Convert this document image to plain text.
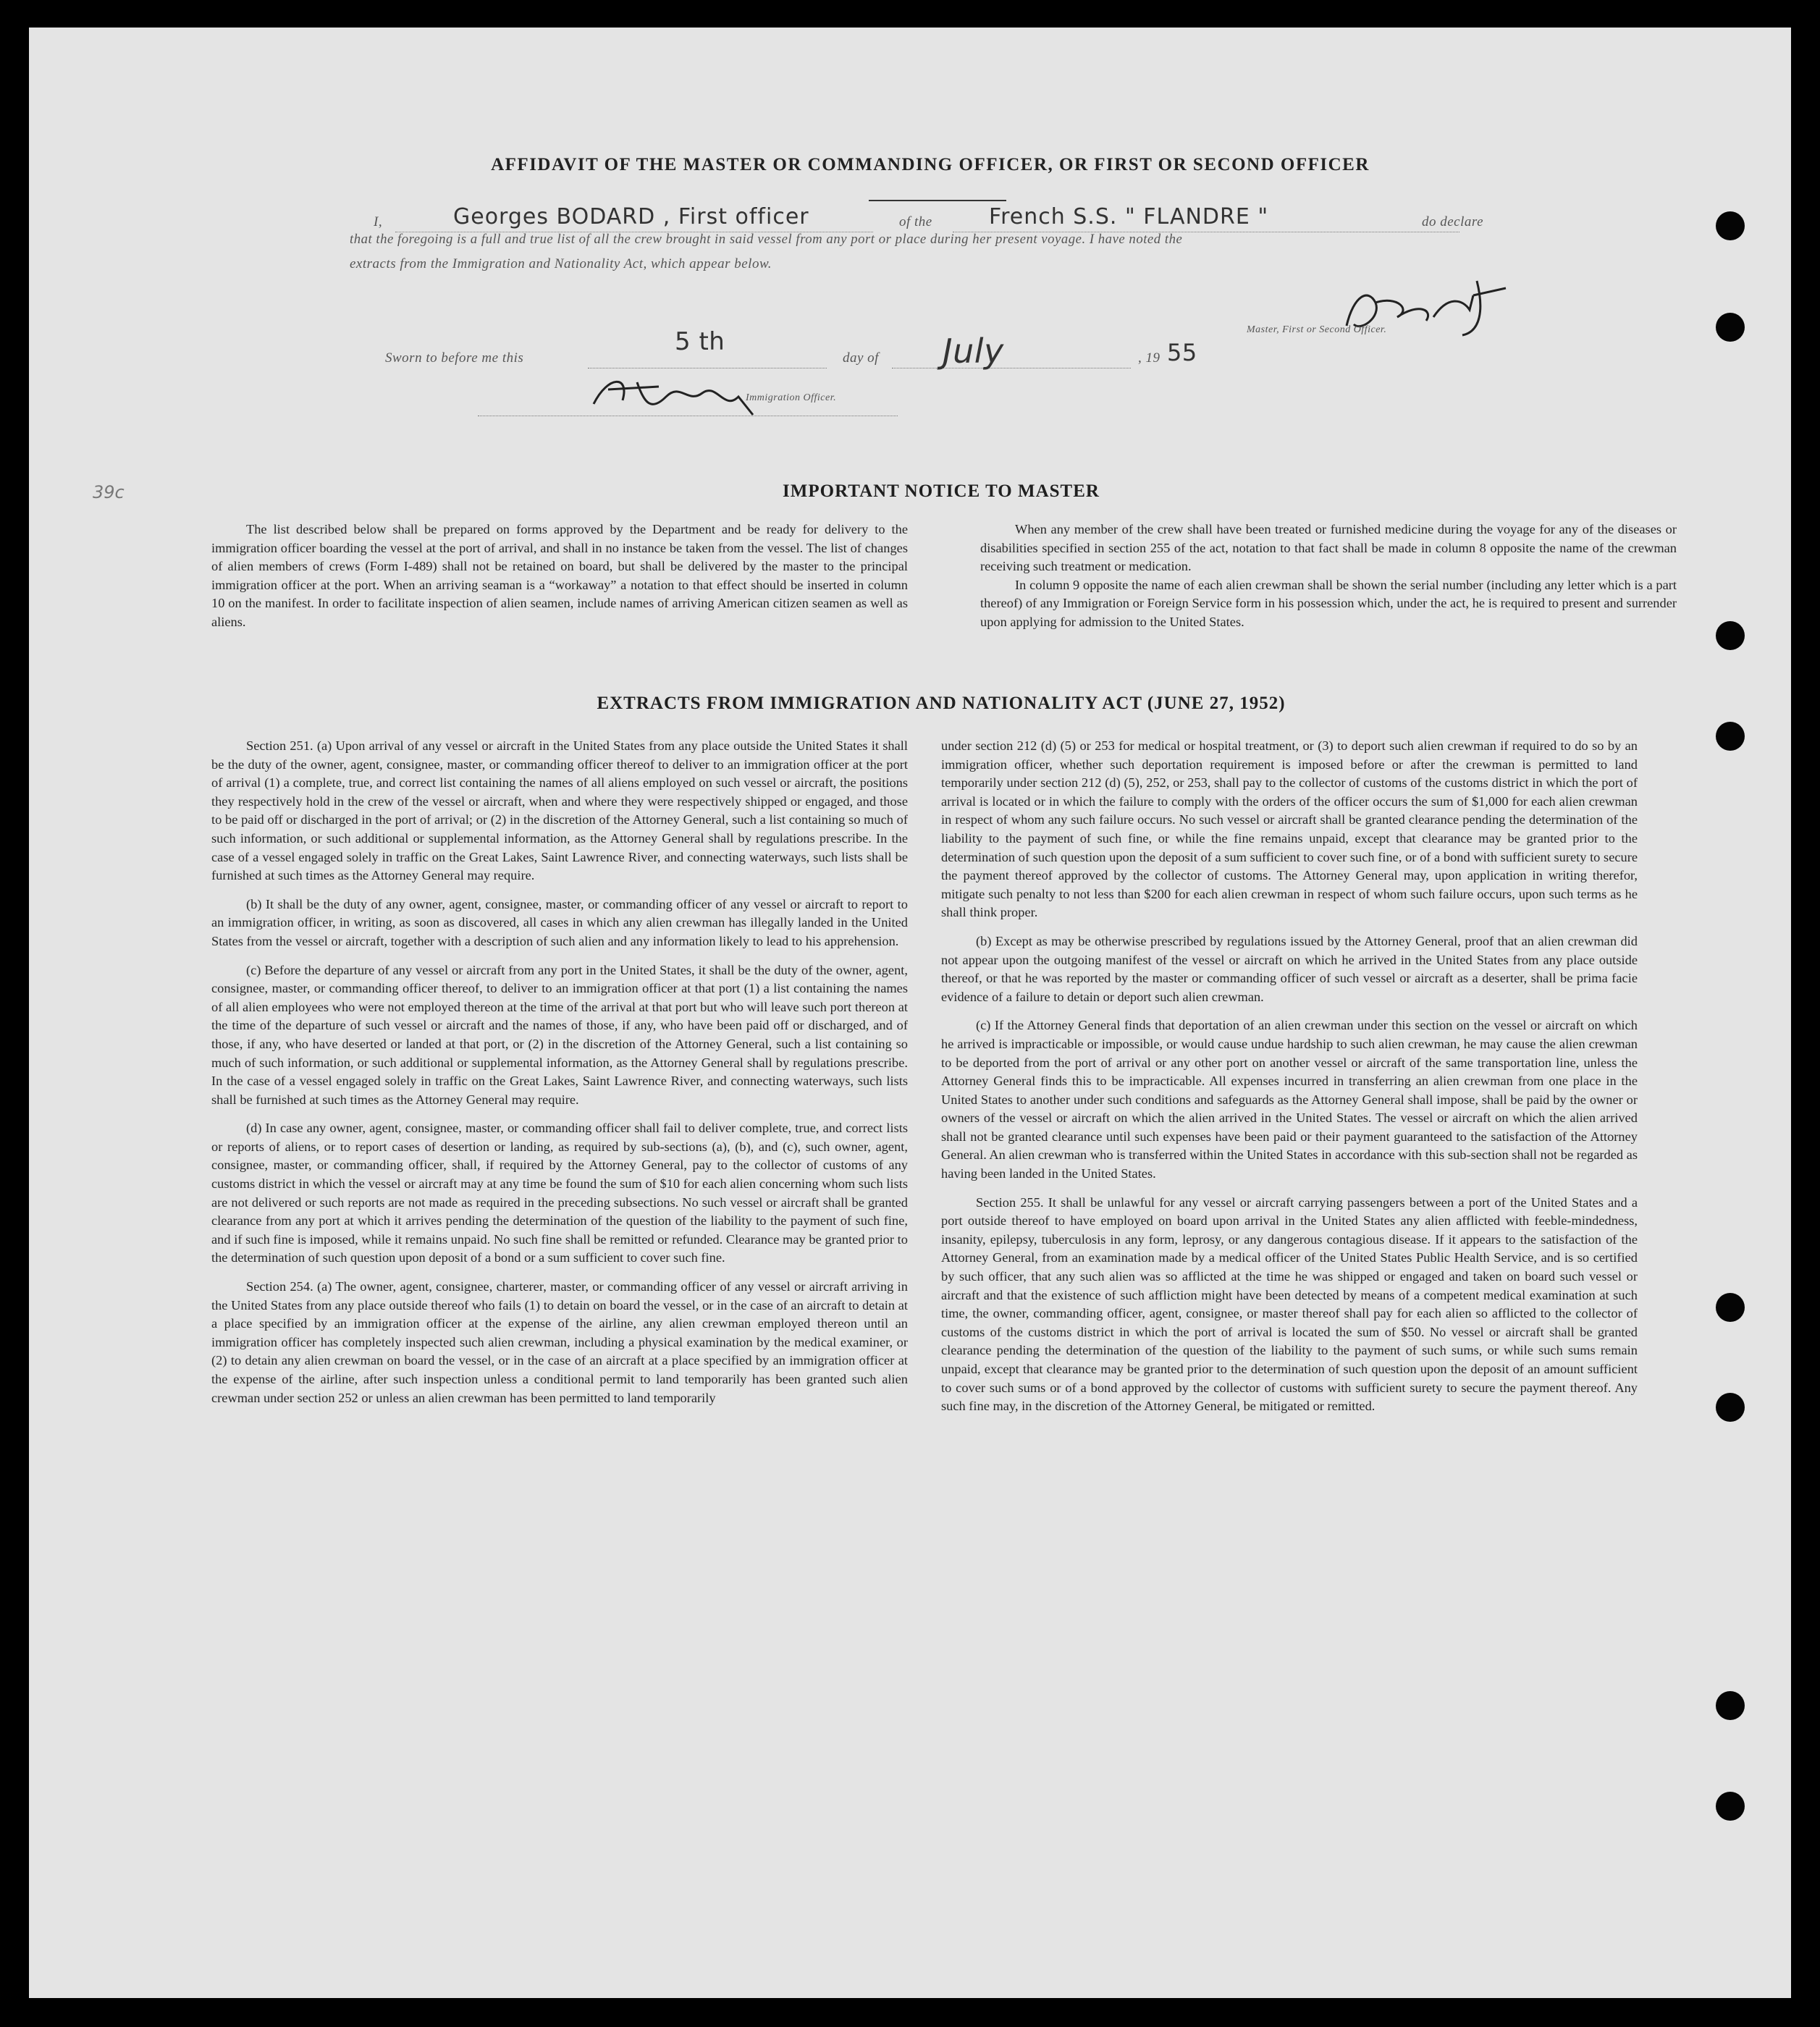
AFFIDAVIT OF THE MASTER OR COMMANDING OFFICER, OR FIRST OR SECOND OFFICER
I,	Georges BODARD , First officer	of the	French S.S. " FLANDRE "	do declare
that the foregoing is a full and true list of all the crew brought in said vessel from any port or place during her present voyage. I have noted the
extracts from the Immigration and Nationality Act, which appear below.
Sworn to before me this
5 th
day of July	, 19 55
Master, First or Second Officer.
Immigration Officer.
39c	IMPORTANT NOTICE TO MASTER

The list described below shall be prepared on forms approved by the Department and be ready for delivery to the immigration officer boarding the vessel at the port of arrival, and shall in no instance be taken from the vessel. The list of changes of alien members of crews (Form I-489) shall not be retained on board, but shall be delivered by the master to the principal immigration officer at the port. When an arriving seaman is a “workaway” a notation to that effect should be inserted in column 10 on the manifest. In order to facilitate inspection of alien seamen, include names of arriving American citizen seamen as well as aliens.

When any member of the crew shall have been treated or furnished medicine during the voyage for any of the diseases or disabilities specified in section 255 of the act, notation to that fact shall be made in column 8 opposite the name of the crewman receiving such treatment or medication.

In column 9 opposite the name of each alien crewman shall be shown the serial number (including any letter which is a part thereof) of any Immigration or Foreign Service form in his possession which, under the act, he is required to present and surrender upon applying for admission to the United States.

EXTRACTS FROM IMMIGRATION AND NATIONALITY ACT (JUNE 27, 1952)

Section 251. (a) Upon arrival of any vessel or aircraft in the United States from any place outside the United States it shall be the duty of the owner, agent, consignee, master, or commanding officer thereof to deliver to an immigration officer at the port of arrival (1) a complete, true, and correct list containing the names of all aliens employed on such vessel or aircraft, the positions they respectively hold in the crew of the vessel or aircraft, when and where they were respectively shipped or engaged, and those to be paid off or discharged in the port of arrival; or (2) in the discretion of the Attorney General, such a list containing so much of such information, or such additional or supplemental information, as the Attorney General shall by regulations prescribe. In the case of a vessel engaged solely in traffic on the Great Lakes, Saint Lawrence River, and connecting waterways, such lists shall be furnished at such times as the Attorney General may require.

(b) It shall be the duty of any owner, agent, consignee, master, or commanding officer of any vessel or aircraft to report to an immigration officer, in writing, as soon as discovered, all cases in which any alien crewman has illegally landed in the United States from the vessel or aircraft, together with a description of such alien and any information likely to lead to his apprehension.

(c) Before the departure of any vessel or aircraft from any port in the United States, it shall be the duty of the owner, agent, consignee, master, or commanding officer thereof, to deliver to an immigration officer at that port (1) a list containing the names of all alien employees who were not employed thereon at the time of the arrival at that port but who will leave such port thereon at the time of the departure of such vessel or aircraft and the names of those, if any, who have been paid off or discharged, and of those, if any, who have deserted or landed at that port, or (2) in the discretion of the Attorney General, such a list containing so much of such information, or such additional or supplemental information, as the Attorney General shall by regulations prescribe. In the case of a vessel engaged solely in traffic on the Great Lakes, Saint Lawrence River, and connecting waterways, such lists shall be furnished at such times as the Attorney General may require.

(d) In case any owner, agent, consignee, master, or commanding officer shall fail to deliver complete, true, and correct lists or reports of aliens, or to report cases of desertion or landing, as required by sub-sections (a), (b), and (c), such owner, agent, consignee, master, or commanding officer, shall, if required by the Attorney General, pay to the collector of customs of any customs district in which the vessel or aircraft may at any time be found the sum of $10 for each alien concerning whom such lists are not delivered or such reports are not made as required in the preceding subsections. No such vessel or aircraft shall be granted clearance from any port at which it arrives pending the determination of the question of the liability to the payment of such fine, and if such fine is imposed, while it remains unpaid. No such fine shall be remitted or refunded. Clearance may be granted prior to the determination of such question upon deposit of a bond or a sum sufficient to cover such fine.

Section 254. (a) The owner, agent, consignee, charterer, master, or commanding officer of any vessel or aircraft arriving in the United States from any place outside thereof who fails (1) to detain on board the vessel, or in the case of an aircraft to detain at a place specified by an immigration officer at the expense of the airline, any alien crewman employed thereon until an immigration officer has completely inspected such alien crewman, including a physical examination by the medical examiner, or (2) to detain any alien crewman on board the vessel, or in the case of an aircraft at a place specified by an immigration officer at the expense of the airline, after such inspection unless a conditional permit to land temporarily has been granted such alien crewman under section 252 or unless an alien crewman has been permitted to land temporarily

under section 212 (d) (5) or 253 for medical or hospital treatment, or (3) to deport such alien crewman if required to do so by an immigration officer, whether such deportation requirement is imposed before or after the crewman is permitted to land temporarily under section 212 (d) (5), 252, or 253, shall pay to the collector of customs of the customs district in which the port of arrival is located or in which the failure to comply with the orders of the officer occurs the sum of $1,000 for each alien crewman in respect of whom any such failure occurs. No such vessel or aircraft shall be granted clearance pending the determination of the liability to the payment of such fine, or while the fine remains unpaid, except that clearance may be granted prior to the determination of such question upon the deposit of a sum sufficient to cover such fine, or of a bond with sufficient surety to secure the payment thereof approved by the collector of customs. The Attorney General may, upon application in writing therefor, mitigate such penalty to not less than $200 for each alien crewman in respect of whom such failure occurs, upon such terms as he shall think proper.

(b) Except as may be otherwise prescribed by regulations issued by the Attorney General, proof that an alien crewman did not appear upon the outgoing manifest of the vessel or aircraft on which he arrived in the United States from any place outside thereof, or that he was reported by the master or commanding officer of such vessel or aircraft as a deserter, shall be prima facie evidence of a failure to detain or deport such alien crewman.

(c) If the Attorney General finds that deportation of an alien crewman under this section on the vessel or aircraft on which he arrived is impracticable or impossible, or would cause undue hardship to such alien crewman, he may cause the alien crewman to be deported from the port of arrival or any other port on another vessel or aircraft of the same transportation line, unless the Attorney General finds this to be impracticable. All expenses incurred in transferring an alien crewman from one place in the United States to another under such conditions and safeguards as the Attorney General shall impose, shall be paid by the owner or owners of the vessel or aircraft on which the alien arrived in the United States. The vessel or aircraft on which the alien arrived shall not be granted clearance until such expenses have been paid or their payment guaranteed to the satisfaction of the Attorney General. An alien crewman who is transferred within the United States in accordance with this sub-section shall not be regarded as having been landed in the United States.

Section 255. It shall be unlawful for any vessel or aircraft carrying passengers between a port of the United States and a port outside thereof to have employed on board upon arrival in the United States any alien afflicted with feeble-mindedness, insanity, epilepsy, tuberculosis in any form, leprosy, or any dangerous contagious disease. If it appears to the satisfaction of the Attorney General, from an examination made by a medical officer of the United States Public Health Service, and is so certified by such officer, that any such alien was so afflicted at the time he was shipped or engaged and taken on board such vessel or aircraft and that the existence of such affliction might have been detected by means of a competent medical examination at such time, the owner, commanding officer, agent, consignee, or master thereof shall pay for each alien so afflicted to the collector of customs of the customs district in which the port of arrival is located the sum of $50. No vessel or aircraft shall be granted clearance pending the determination of the question of the liability to the payment of such sums, or while such sums remain unpaid, except that clearance may be granted prior to the determination of such question upon the deposit of an amount sufficient to cover such sums or of a bond approved by the collector of customs with sufficient surety to secure the payment thereof. Any such fine may, in the discretion of the Attorney General, be mitigated or remitted.
